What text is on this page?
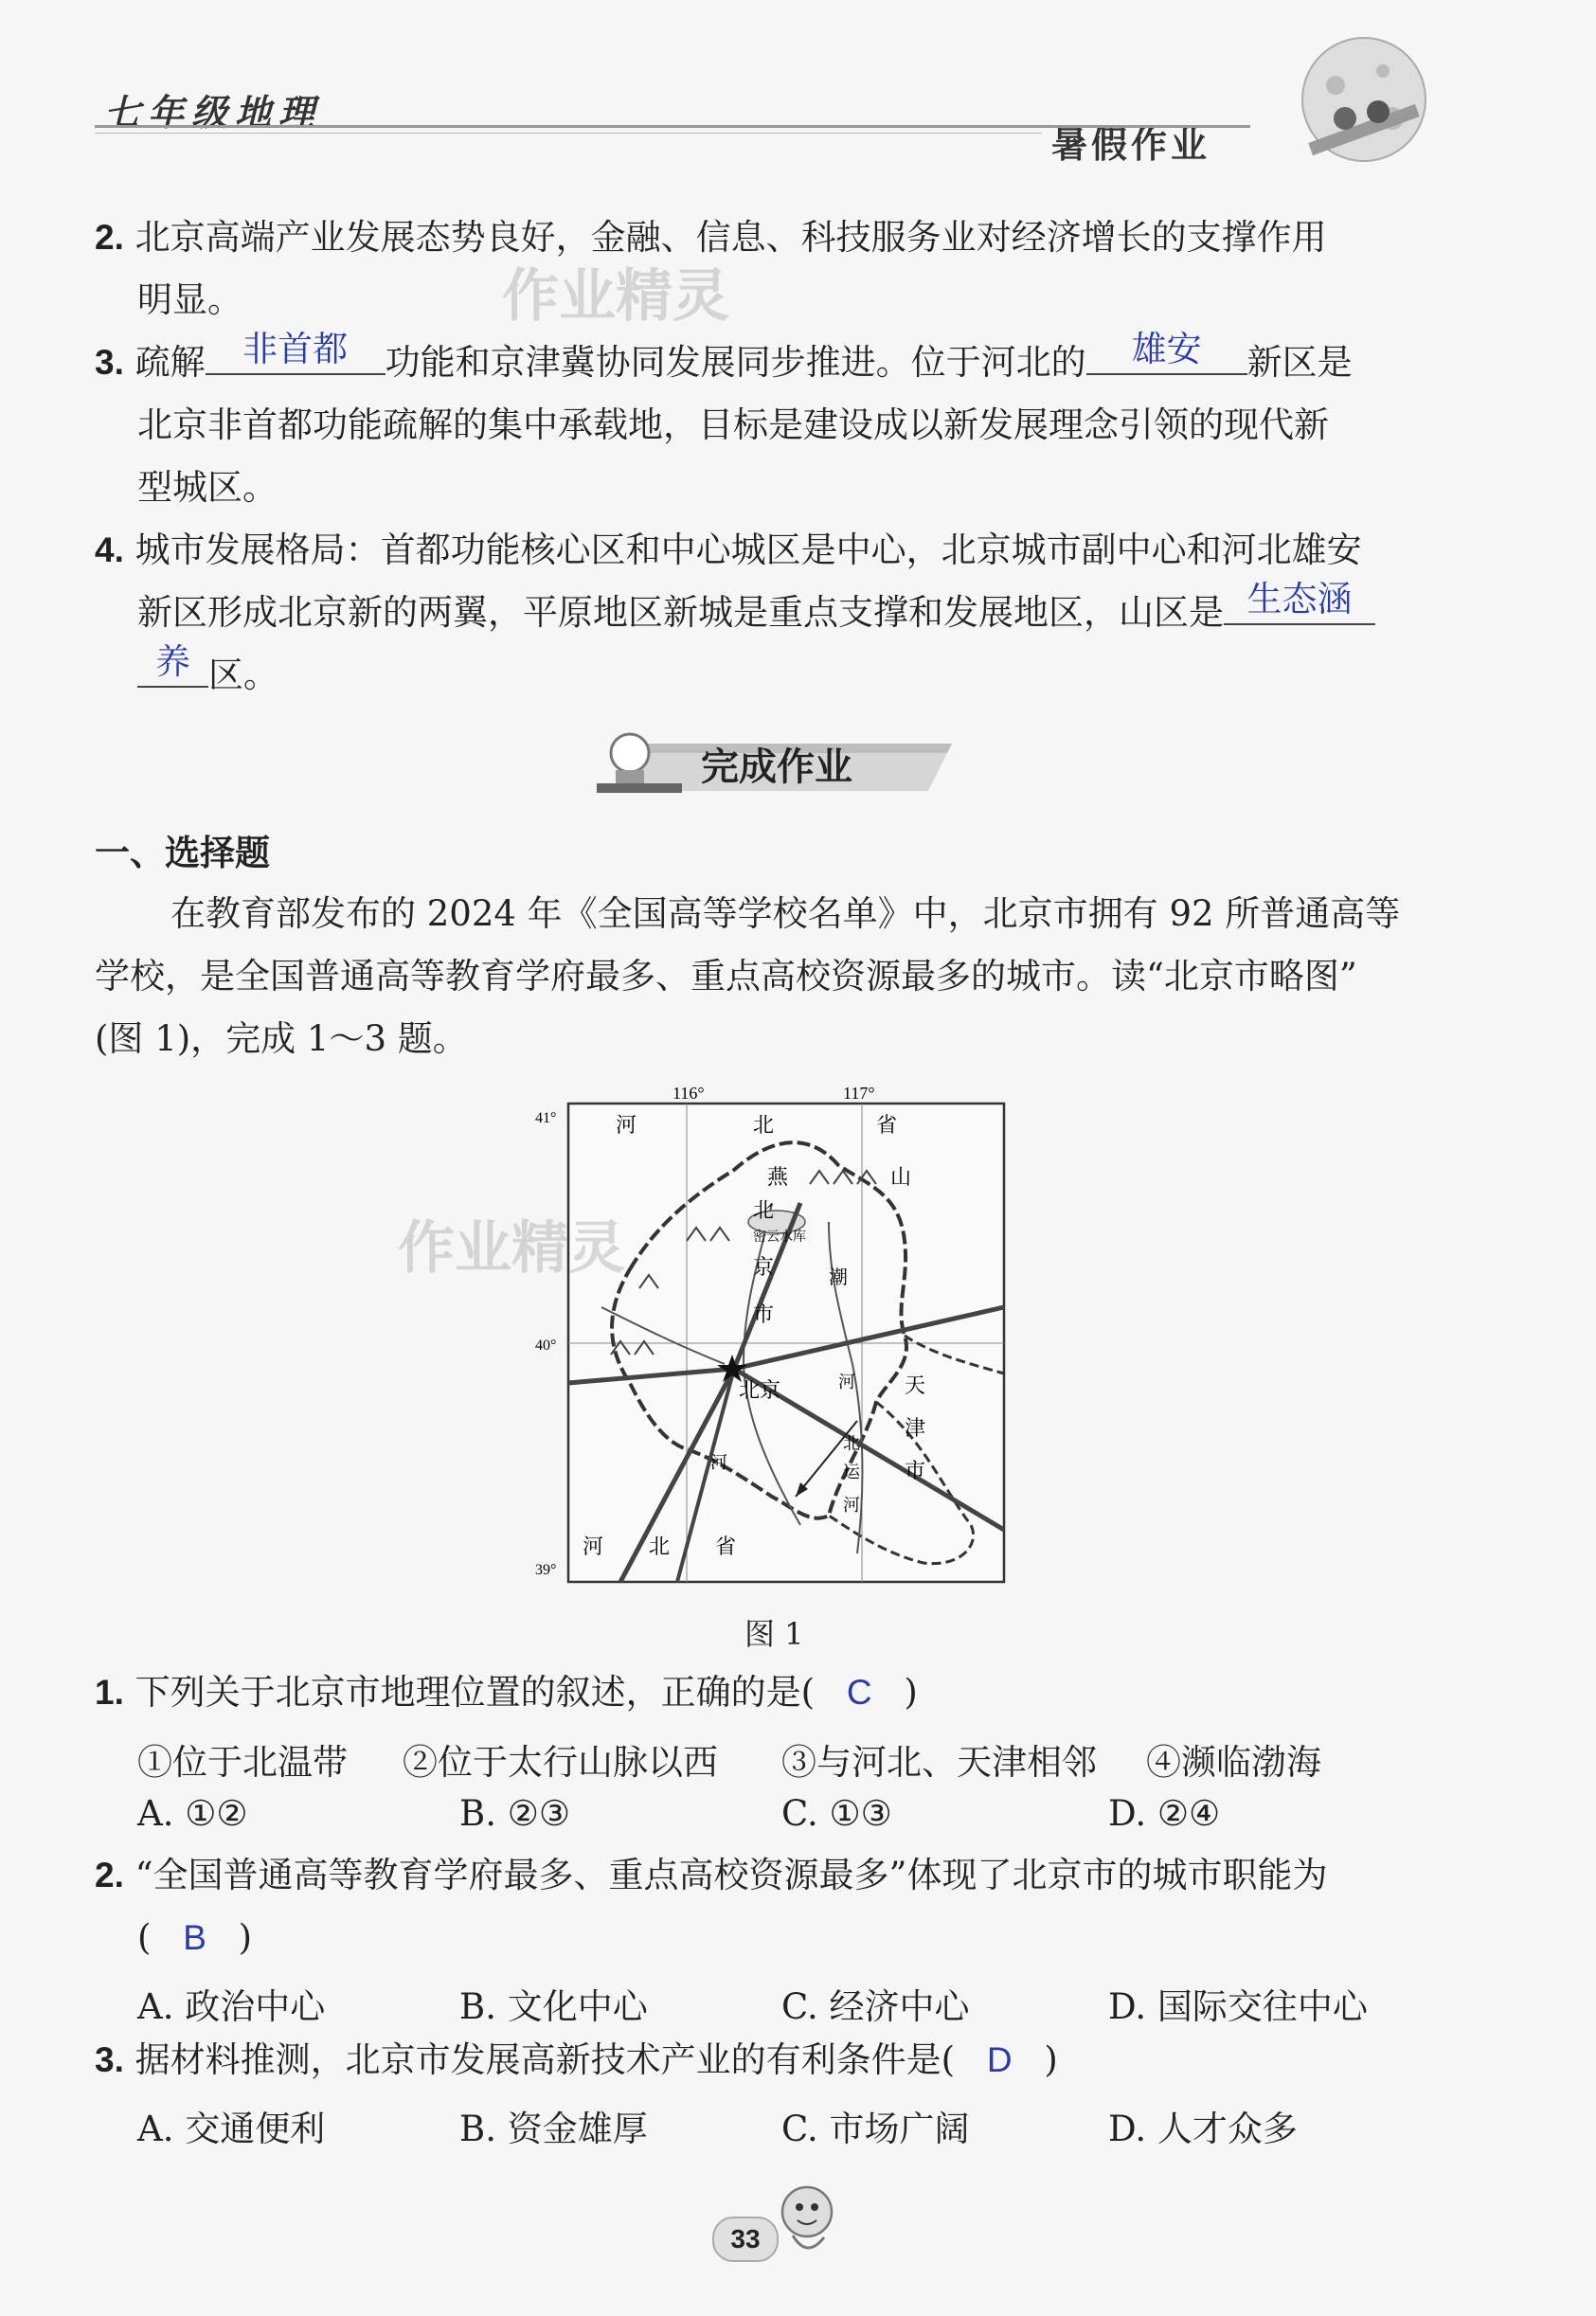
七年级地理
暑假作业
2. 北京高端产业发展态势良好，金融、信息、科技服务业对经济增长的支撑作用
明显。
3. 疏解 非首都 功能和京津冀协同发展同步推进。位于河北的 雄安 新区是
北京非首都功能疏解的集中承载地，目标是建设成以新发展理念引领的现代新
型城区。
4. 城市发展格局：首都功能核心区和中心城区是中心，北京城市副中心和河北雄安
新区形成北京新的两翼，平原地区新城是重点支撑和发展地区，山区是 生态涵
养 区。
作业精灵
完成作业
一、选择题
在教育部发布的 2024 年《全国高等学校名单》中，北京市拥有 92 所普通高等
学校，是全国普通高等教育学府最多、重点高校资源最多的城市。读“北京市略图”
(图 1)，完成 1～3 题。
116°	117°
41°
40°
39°
河	北	省
燕	山
北
京
市
密云水库
潮
北京	天
津
市
河
河
北
运
河
河 北 省
作业精灵
图 1
1. 下列关于北京市地理位置的叙述，正确的是( C )
①位于北温带 ②位于太行山脉以西 ③与河北、天津相邻 ④濒临渤海
A. ①②	B. ②③	C. ①③	D. ②④
2. “全国普通高等教育学府最多、重点高校资源最多”体现了北京市的城市职能为
( B )
A. 政治中心	B. 文化中心	C. 经济中心	D. 国际交往中心
3. 据材料推测，北京市发展高新技术产业的有利条件是( D )
A. 交通便利	B. 资金雄厚	C. 市场广阔	D. 人才众多
33
